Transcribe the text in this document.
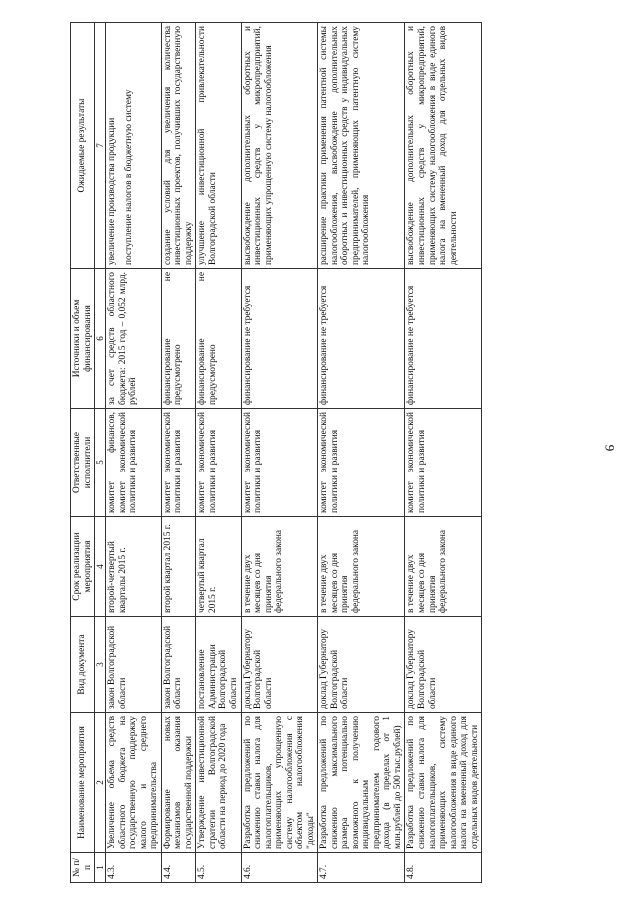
9
№ п/п	Наименование мероприятия	Вид документа	Срок реализации мероприятия	Ответственные исполнители	Источники и объем финансирования	Ожидаемые результаты
1	2	3	4	5	6	7
4.3.	Увеличение объема средств областного бюджета на государственную поддержку малого и среднего предпринимательства	закон Волгоградской области	второй-четвертый кварталы 2015 г.	комитет финансов, комитет экономической политики и развития	за счет средств областного бюджета: 2015 год – 0,052 млрд. рублей	увеличение производства продукции поступление налогов в бюджетную систему

4.4.	Формирование новых механизмов оказания государственной поддержки	закон Волгоградской области	второй квартал 2015 г.	комитет экономической политики и развития	финансирование не предусмотрено	создание условий для увеличения количества инвестиционных проектов, получивших государственную поддержку
4.5.	Утверждение инвестиционной стратегии Волгоградской области на период до 2020 года	постановление Администрации Волгоградской области	четвертый квартал 2015 г.	комитет экономической политики и развития	финансирование не предусмотрено	улучшение инвестиционной привлекательности Волгоградской области
4.6.	Разработка предложений по снижению ставки налога для налогоплательщиков, применяющих упрощенную систему налогообложения с объектом налогообложения "доходы"	доклад Губернатору Волгоградской области	в течение двух месяцев со дня принятия федерального закона	комитет экономической политики и развития	финансирование не требуется	высвобождение дополнительных оборотных и инвестиционных средств у микропредприятий, применяющих упрощенную систему налогообложения
4.7.	Разработка предложений по снижению максимального размера потенциально возможного к получению индивидуальным предпринимателем годового дохода (в пределах от 1 млн.рублей до 500 тыс.рублей)	доклад Губернатору Волгоградской области	в течение двух месяцев со дня принятия федерального закона	комитет экономической политики и развития	финансирование не требуется	расширение практики применения патентной системы налогообложения, высвобождение дополнительных оборотных и инвестиционных средств у индивидуальных предпринимателей, применяющих патентную систему налогообложения
4.8.	Разработка предложений по снижению ставки налога для налогоплательщиков, применяющих систему налогообложения в виде единого налога на вмененный доход для отдельных видов деятельности	доклад Губернатору Волгоградской области	в течение двух месяцев со дня принятия федерального закона	комитет экономической политики и развития	финансирование не требуется	высвобождение дополнительных оборотных и инвестиционных средств у микропредприятий, применяющих систему налогообложения в виде единого налога на вмененный доход для отдельных видов деятельности
